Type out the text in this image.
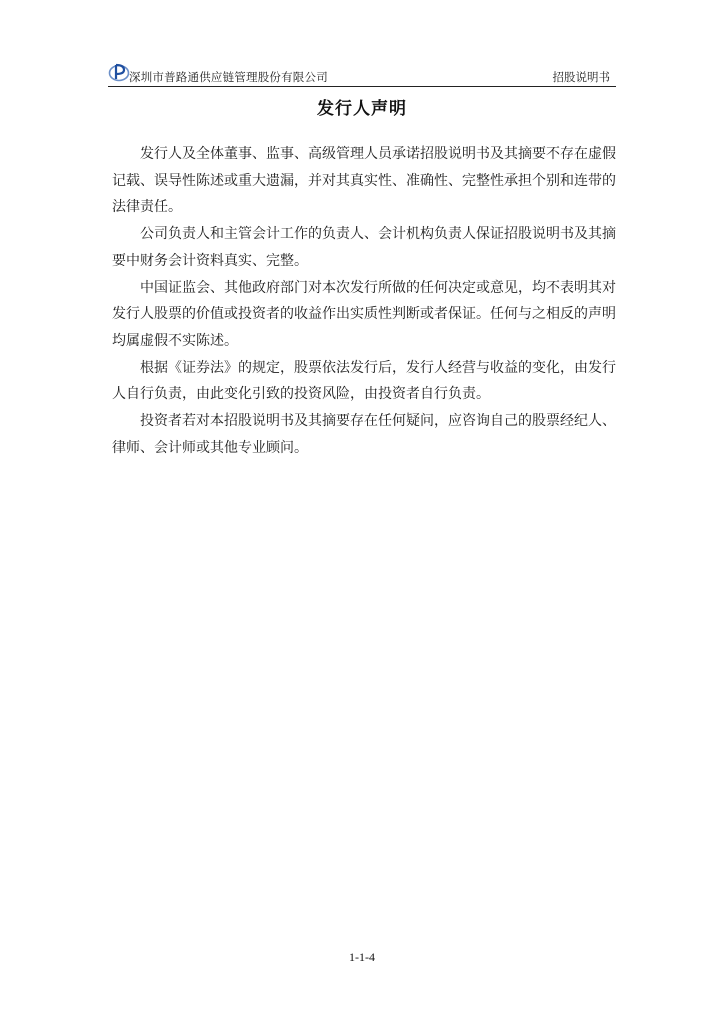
深圳市普路通供应链管理股份有限公司	招股说明书
发行人声明

发行人及全体董事、监事、高级管理人员承诺招股说明书及其摘要不存在虚假记载、误导性陈述或重大遗漏，并对其真实性、准确性、完整性承担个别和连带的法律责任。

公司负责人和主管会计工作的负责人、会计机构负责人保证招股说明书及其摘要中财务会计资料真实、完整。

中国证监会、其他政府部门对本次发行所做的任何决定或意见，均不表明其对发行人股票的价值或投资者的收益作出实质性判断或者保证。任何与之相反的声明均属虚假不实陈述。

根据《证券法》的规定，股票依法发行后，发行人经营与收益的变化，由发行人自行负责，由此变化引致的投资风险，由投资者自行负责。

投资者若对本招股说明书及其摘要存在任何疑问，应咨询自己的股票经纪人、律师、会计师或其他专业顾问。

1-1-4
